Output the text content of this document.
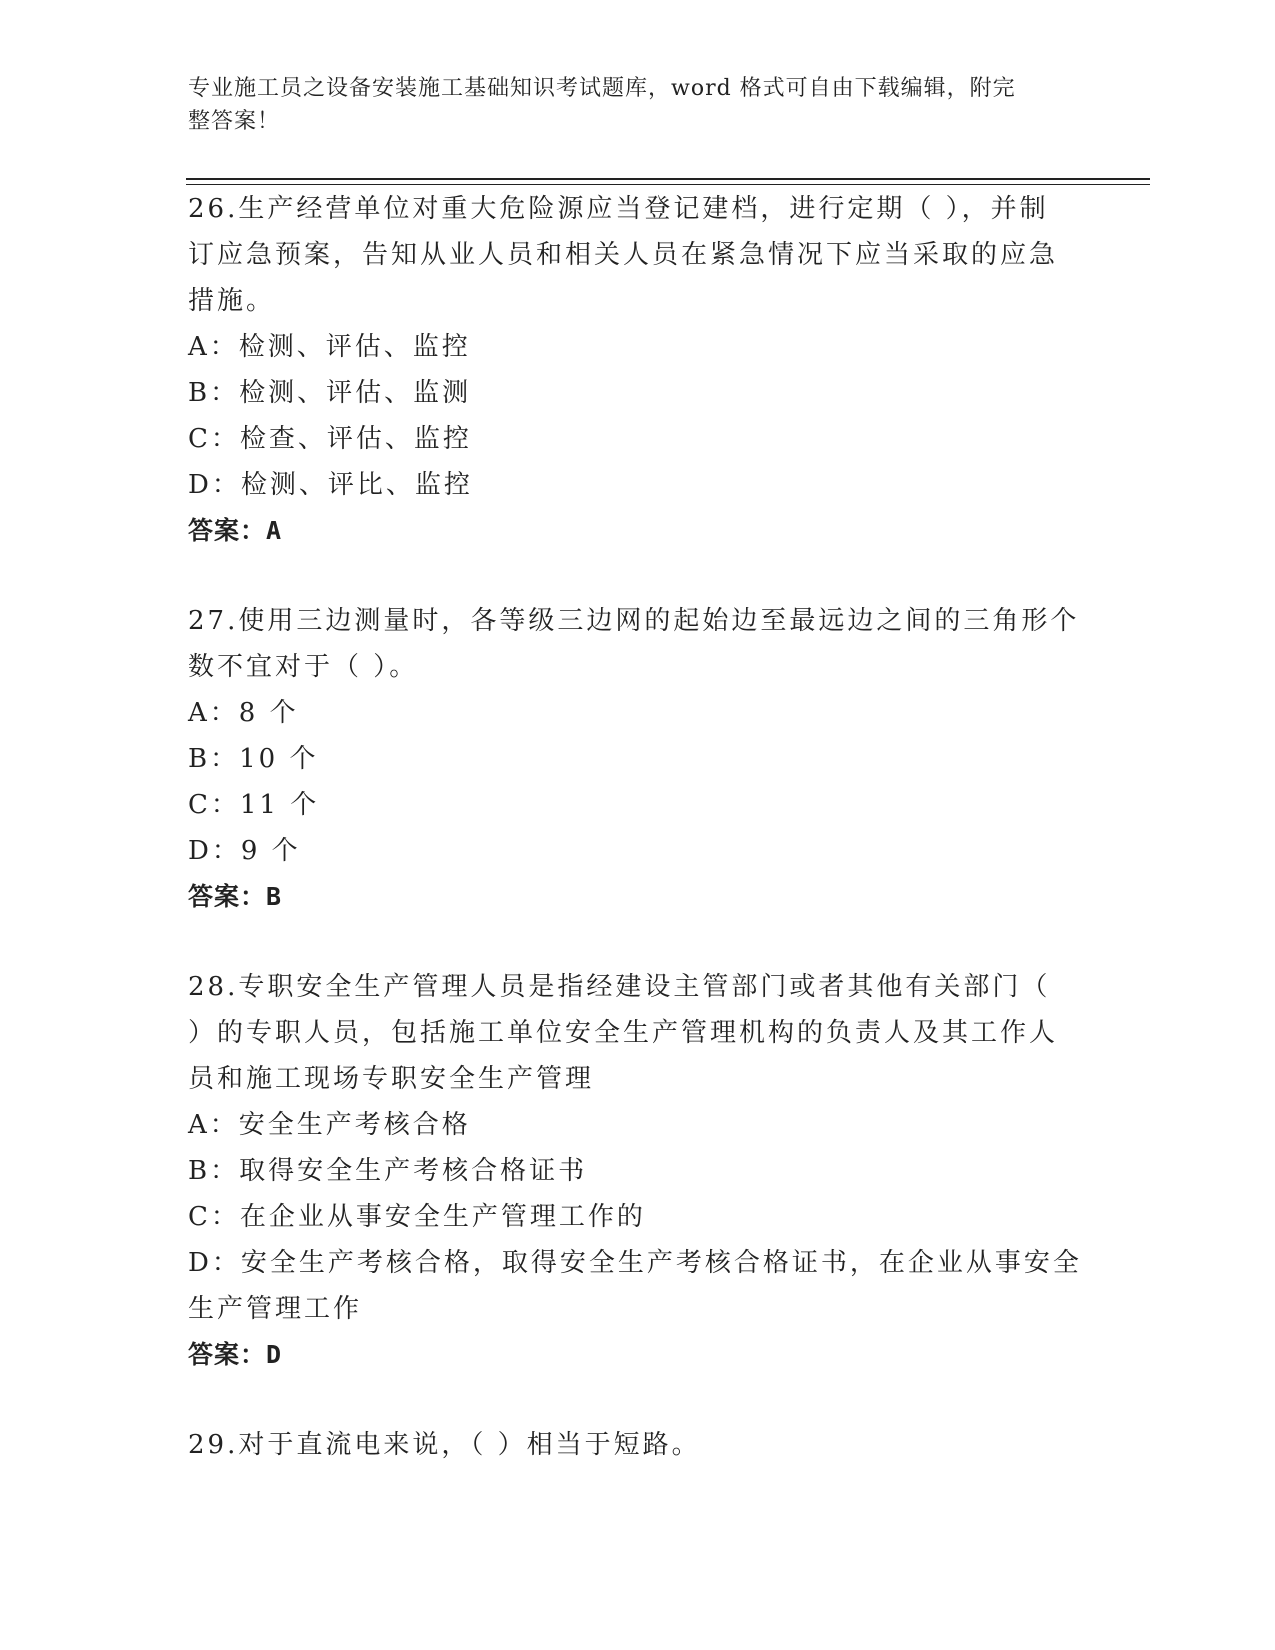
专业施工员之设备安装施工基础知识考试题库，word 格式可自由下载编辑，附完
整答案！

26.生产经营单位对重大危险源应当登记建档，进行定期（ ），并制

订应急预案，告知从业人员和相关人员在紧急情况下应当采取的应急

措施。

A：检测、评估、监控

B：检测、评估、监测

C：检查、评估、监控

D：检测、评比、监控

答案：A

27.使用三边测量时，各等级三边网的起始边至最远边之间的三角形个

数不宜对于（ ）。

A：8 个

B：10 个

C：11 个

D：9 个

答案：B

28.专职安全生产管理人员是指经建设主管部门或者其他有关部门（

）的专职人员，包括施工单位安全生产管理机构的负责人及其工作人

员和施工现场专职安全生产管理

A：安全生产考核合格

B：取得安全生产考核合格证书

C：在企业从事安全生产管理工作的

D：安全生产考核合格，取得安全生产考核合格证书，在企业从事安全

生产管理工作

答案：D

29.对于直流电来说，（ ）相当于短路。
